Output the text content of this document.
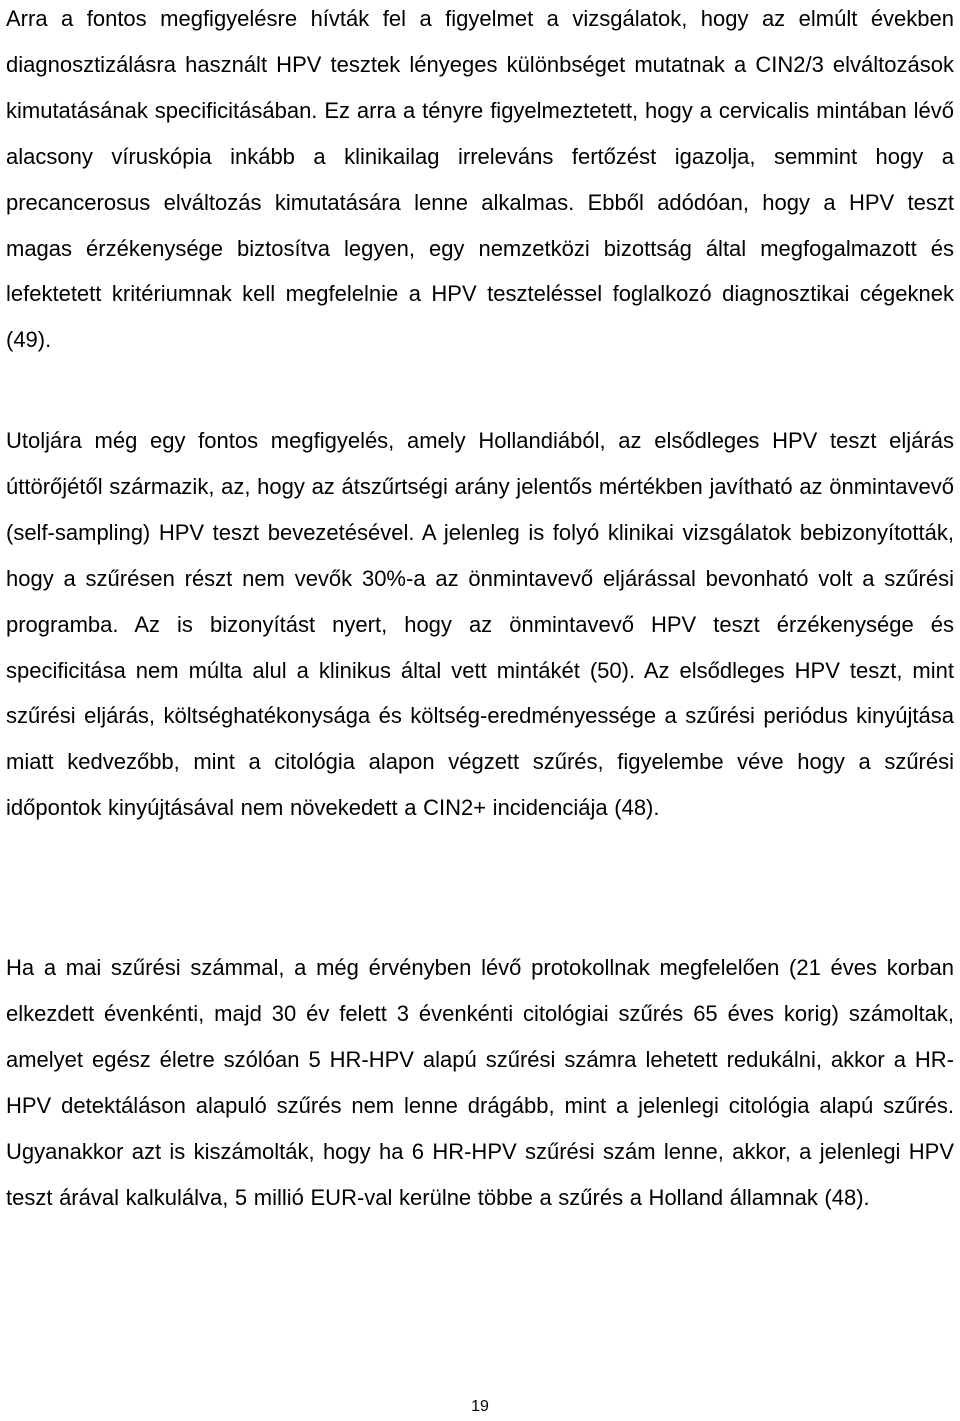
Arra a fontos megfigyelésre hívták fel a figyelmet a vizsgálatok, hogy az elmúlt években diagnosztizálásra használt HPV tesztek lényeges különbséget mutatnak a CIN2/3 elváltozások kimutatásának specificitásában. Ez arra a tényre figyelmeztetett, hogy a cervicalis mintában lévő alacsony víruskópia inkább a klinikailag irreleváns fertőzést igazolja, semmint hogy a precancerosus elváltozás kimutatására lenne alkalmas. Ebből adódóan, hogy a HPV teszt magas érzékenysége biztosítva legyen, egy nemzetközi bizottság által megfogalmazott és lefektetett kritériumnak kell megfelelnie a HPV teszteléssel foglalkozó diagnosztikai cégeknek (49).

Utoljára még egy fontos megfigyelés, amely Hollandiából, az elsődleges HPV teszt eljárás úttörőjétől származik, az, hogy az átszűrtségi arány jelentős mértékben javítható az önmintavevő (self-sampling) HPV teszt bevezetésével. A jelenleg is folyó klinikai vizsgálatok bebizonyították, hogy a szűrésen részt nem vevők 30%-a az önmintavevő eljárással bevonható volt a szűrési programba. Az is bizonyítást nyert, hogy az önmintavevő HPV teszt érzékenysége és specificitása nem múlta alul a klinikus által vett mintákét (50). Az elsődleges HPV teszt, mint szűrési eljárás, költséghatékonysága és költség-eredményessége a szűrési periódus kinyújtása miatt kedvezőbb, mint a citológia alapon végzett szűrés, figyelembe véve hogy a szűrési időpontok kinyújtásával nem növekedett a CIN2+ incidenciája (48).

Ha a mai szűrési számmal, a még érvényben lévő protokollnak megfelelően (21 éves korban elkezdett évenkénti, majd 30 év felett 3 évenkénti citológiai szűrés 65 éves korig) számoltak, amelyet egész életre szólóan 5 HR-HPV alapú szűrési számra lehetett redukálni, akkor a HR-HPV detektáláson alapuló szűrés nem lenne drágább, mint a jelenlegi citológia alapú szűrés. Ugyanakkor azt is kiszámolták, hogy ha 6 HR-HPV szűrési szám lenne, akkor, a jelenlegi HPV teszt árával kalkulálva, 5 millió EUR-val kerülne többe a szűrés a Holland államnak (48).

19
